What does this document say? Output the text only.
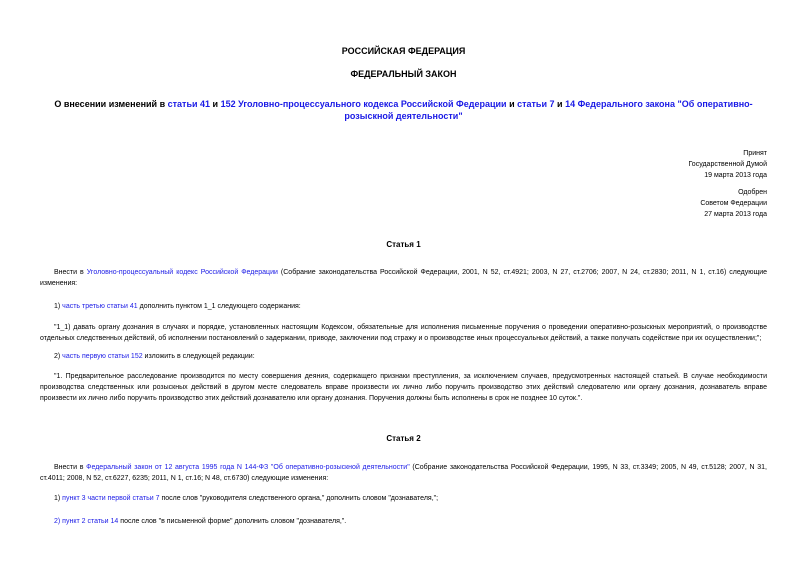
РОССИЙСКАЯ ФЕДЕРАЦИЯ
ФЕДЕРАЛЬНЫЙ ЗАКОН
О внесении изменений в статьи 41 и 152 Уголовно-процессуального кодекса Российской Федерации и статьи 7 и 14 Федерального закона "Об оперативно-розыскной деятельности"
Принят
Государственной Думой
19 марта 2013 года
Одобрен
Советом Федерации
27 марта 2013 года
Статья 1
Внести в Уголовно-процессуальный кодекс Российской Федерации (Собрание законодательства Российской Федерации, 2001, N 52, ст.4921; 2003, N 27, ст.2706; 2007, N 24, ст.2830; 2011, N 1, ст.16) следующие изменения:
1) часть третью статьи 41 дополнить пунктом 1_1 следующего содержания:
"1_1) давать органу дознания в случаях и порядке, установленных настоящим Кодексом, обязательные для исполнения письменные поручения о проведении оперативно-розыскных мероприятий, о производстве отдельных следственных действий, об исполнении постановлений о задержании, приводе, заключении под стражу и о производстве иных процессуальных действий, а также получать содействие при их осуществлении;";
2) часть первую статьи 152 изложить в следующей редакции:
"1. Предварительное расследование производится по месту совершения деяния, содержащего признаки преступления, за исключением случаев, предусмотренных настоящей статьей. В случае необходимости производства следственных или розыскных действий в другом месте следователь вправе произвести их лично либо поручить производство этих действий следователю или органу дознания, дознаватель вправе произвести их лично либо поручить производство этих действий дознавателю или органу дознания. Поручения должны быть исполнены в срок не позднее 10 суток.".
Статья 2
Внести в Федеральный закон от 12 августа 1995 года N 144-ФЗ "Об оперативно-розыскной деятельности" (Собрание законодательства Российской Федерации, 1995, N 33, ст.3349; 2005, N 49, ст.5128; 2007, N 31, ст.4011; 2008, N 52, ст.6227, 6235; 2011, N 1, ст.16; N 48, ст.6730) следующие изменения:
1) пункт 3 части первой статьи 7 после слов "руководителя следственного органа," дополнить словом "дознавателя,";
2) пункт 2 статьи 14 после слов "в письменной форме" дополнить словом "дознавателя,".
